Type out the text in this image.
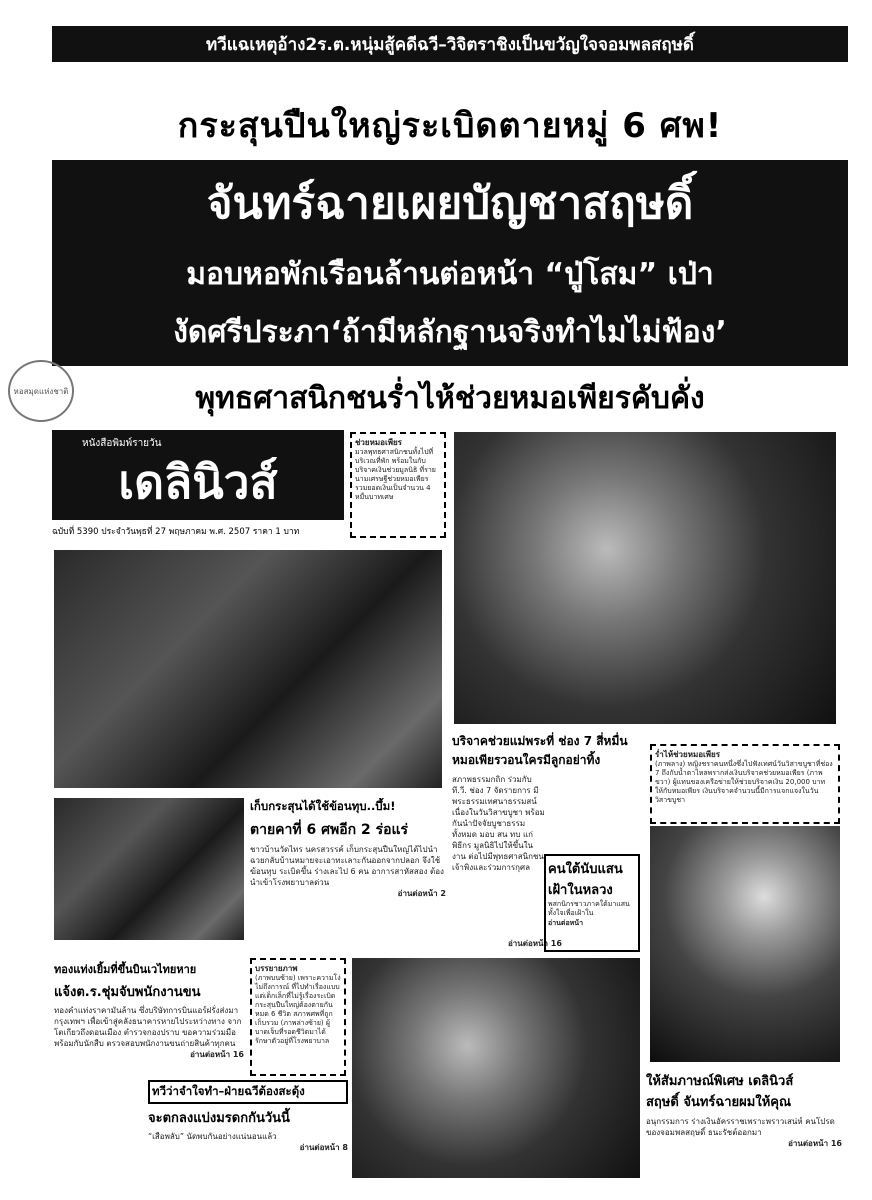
ทวีแฉเหตุอ้าง2ร.ต.หนุ่มสู้คดีฉวี–วิจิตราชิงเป็นขวัญใจจอมพลสฤษดิ์
กระสุนปืนใหญ่ระเบิดตายหมู่ 6 ศพ!
จันทร์ฉายเผยบัญชาสฤษดิ์
มอบหอพักเรือนล้านต่อหน้า “ปู่โสม” เป่า
งัดศรีประภา‘ถ้ามีหลักฐานจริงทำไมไม่ฟ้อง’
หอสมุดแห่งชาติ	พุทธศาสนิกชนร่ำไห้ช่วยหมอเพียรคับคั่ง
หนังสือพิมพ์รายวัน
เดลินิวส์
ฉบับที่ 5390 ประจำวันพุธที่ 27 พฤษภาคม พ.ศ. 2507 ราคา 1 บาท
ช่วยหมอเพียร
มวลพุทธศาสนิกชนทั้งไปที่บริเวณที่พัก พร้อมในกับบริจาคเงินช่วยมูลนิธิ ที่รายนามเศรษฐีช่วยหมอเพียร รวมยอดเงินเป็นจำนวน 4 หมื่นบาทเศษ
บริจาคช่วยแม่พระที่ ช่อง 7 สี่หมื่น
หมอเพียรวอนใครมีลูกอย่าทิ้ง
สภาพธรรมกถิก ร่วมกับ ที.วี. ช่อง 7 จัดรายการ มีพระธรรมเทศนาธรรมสน์ เนื่องในวันวิสาขบูชา พร้อมกันนำปัจจัยบูชาธรรมทั้งหมด มอบ สน ทบ แก่ พิธีกร มูลนิธิไปให้ขึ้นในงาน ต่อไปมีพุทธศาสนิกชนเจ้าพิงและร่วมการกุศล
อ่านต่อหน้า 16
คนใต้นับแสน
เฝ้าในหลวง
พสกนิกรชาวภาคใต้มาแสนทั้งใจเพื่อเฝ้าใน
อ่านต่อหน้า
ร่ำไห้ช่วยหมอเพียร
(ภาพลาง) หญิงชราคนหนึ่งซึ่งไปฟังเทศน์วันวิสาขบูชาที่ช่อง 7 ถึงกับน้ำตาไหลพรากส่งเงินบริจาคช่วยหมอเพียร (ภาพขวา) ผู้แทนของเครือข่ายให้ช่วยบริจาคเงิน 20,000 บาท ให้กับหมอเพียร เงินบริจาคจำนวนนี้มีการแจกแจงในวันวิสาขบูชา
ให้สัมภาษณ์พิเศษ เดลินิวส์
สฤษดิ์ จันทร์ฉายผมให้คุณ
อนุกรรมการ ร่างเงินอัครราชเพราะพราวเสน่ห์ คนโปรดของจอมพลสฤษดิ์ ธนะรัชต์ออกมา
อ่านต่อหน้า 16
เก็บกระสุนได้ใช้ข้อนทุบ..บึ้ม!
ตายคาที่ 6 ศพอีก 2 ร่อแร่
ชาวบ้านวัดไทร นครสวรรค์ เก็บกระสุนปืนใหญ่ได้ไปนำ ฉวยกลับบ้านหมายจะเอาทะเลาะกันออกจากปลอก จึงใช้ฆ้อนทุบ ระเบิดขึ้น ร่างเละไป 6 คน อาการสาหัสสอง ต้องนำเข้าโรงพยาบาลด่วน
อ่านต่อหน้า 2
ทองแท่งเยิ้มที่ขึ้นบินเวไทยหาย
แจ้งต.ร.ชุ่มจับพนักงานขน
ทองคำแท่งราคามันล้าน ซึ่งบริษัทการบินแอร์ฝรั่งส่งมากรุงเทพฯ เพื่อเข้าสู่คลังธนาคารหายไประหว่างทาง จากโตเกียวถึงดอนเมือง ตำรวจกองปราบ ขอความร่วมมือพร้อมกับนักสืบ ตรวจสอบพนักงานขนถ่ายสินค้าทุกคน
อ่านต่อหน้า 16
บรรยายภาพ
(ภาพบนซ้าย) เพราะความโง่ไม่ถึงการณ์ ที่ไปทำเรื่องแบบแต่เด็กเล็กที่ไม่รู้เรื่องระเบิดกระสุนปืนใหญ่ต้องตายกันหมด 6 ชีวิต สภาพศพที่ถูกเก็บรวม (ภาพล่างซ้าย) ผู้บาดเจ็บที่รอดชีวิตมาได้ รักษาตัวอยู่ที่โรงพยาบาล
ทวีว่าจำใจทำ–ฝ่ายฉวีต้องสะดุ้ง
จะตกลงแบ่งมรดกกันวันนี้
“เสือพลับ” นัดพบกันอย่างแน่นอนแล้ว
อ่านต่อหน้า 8
